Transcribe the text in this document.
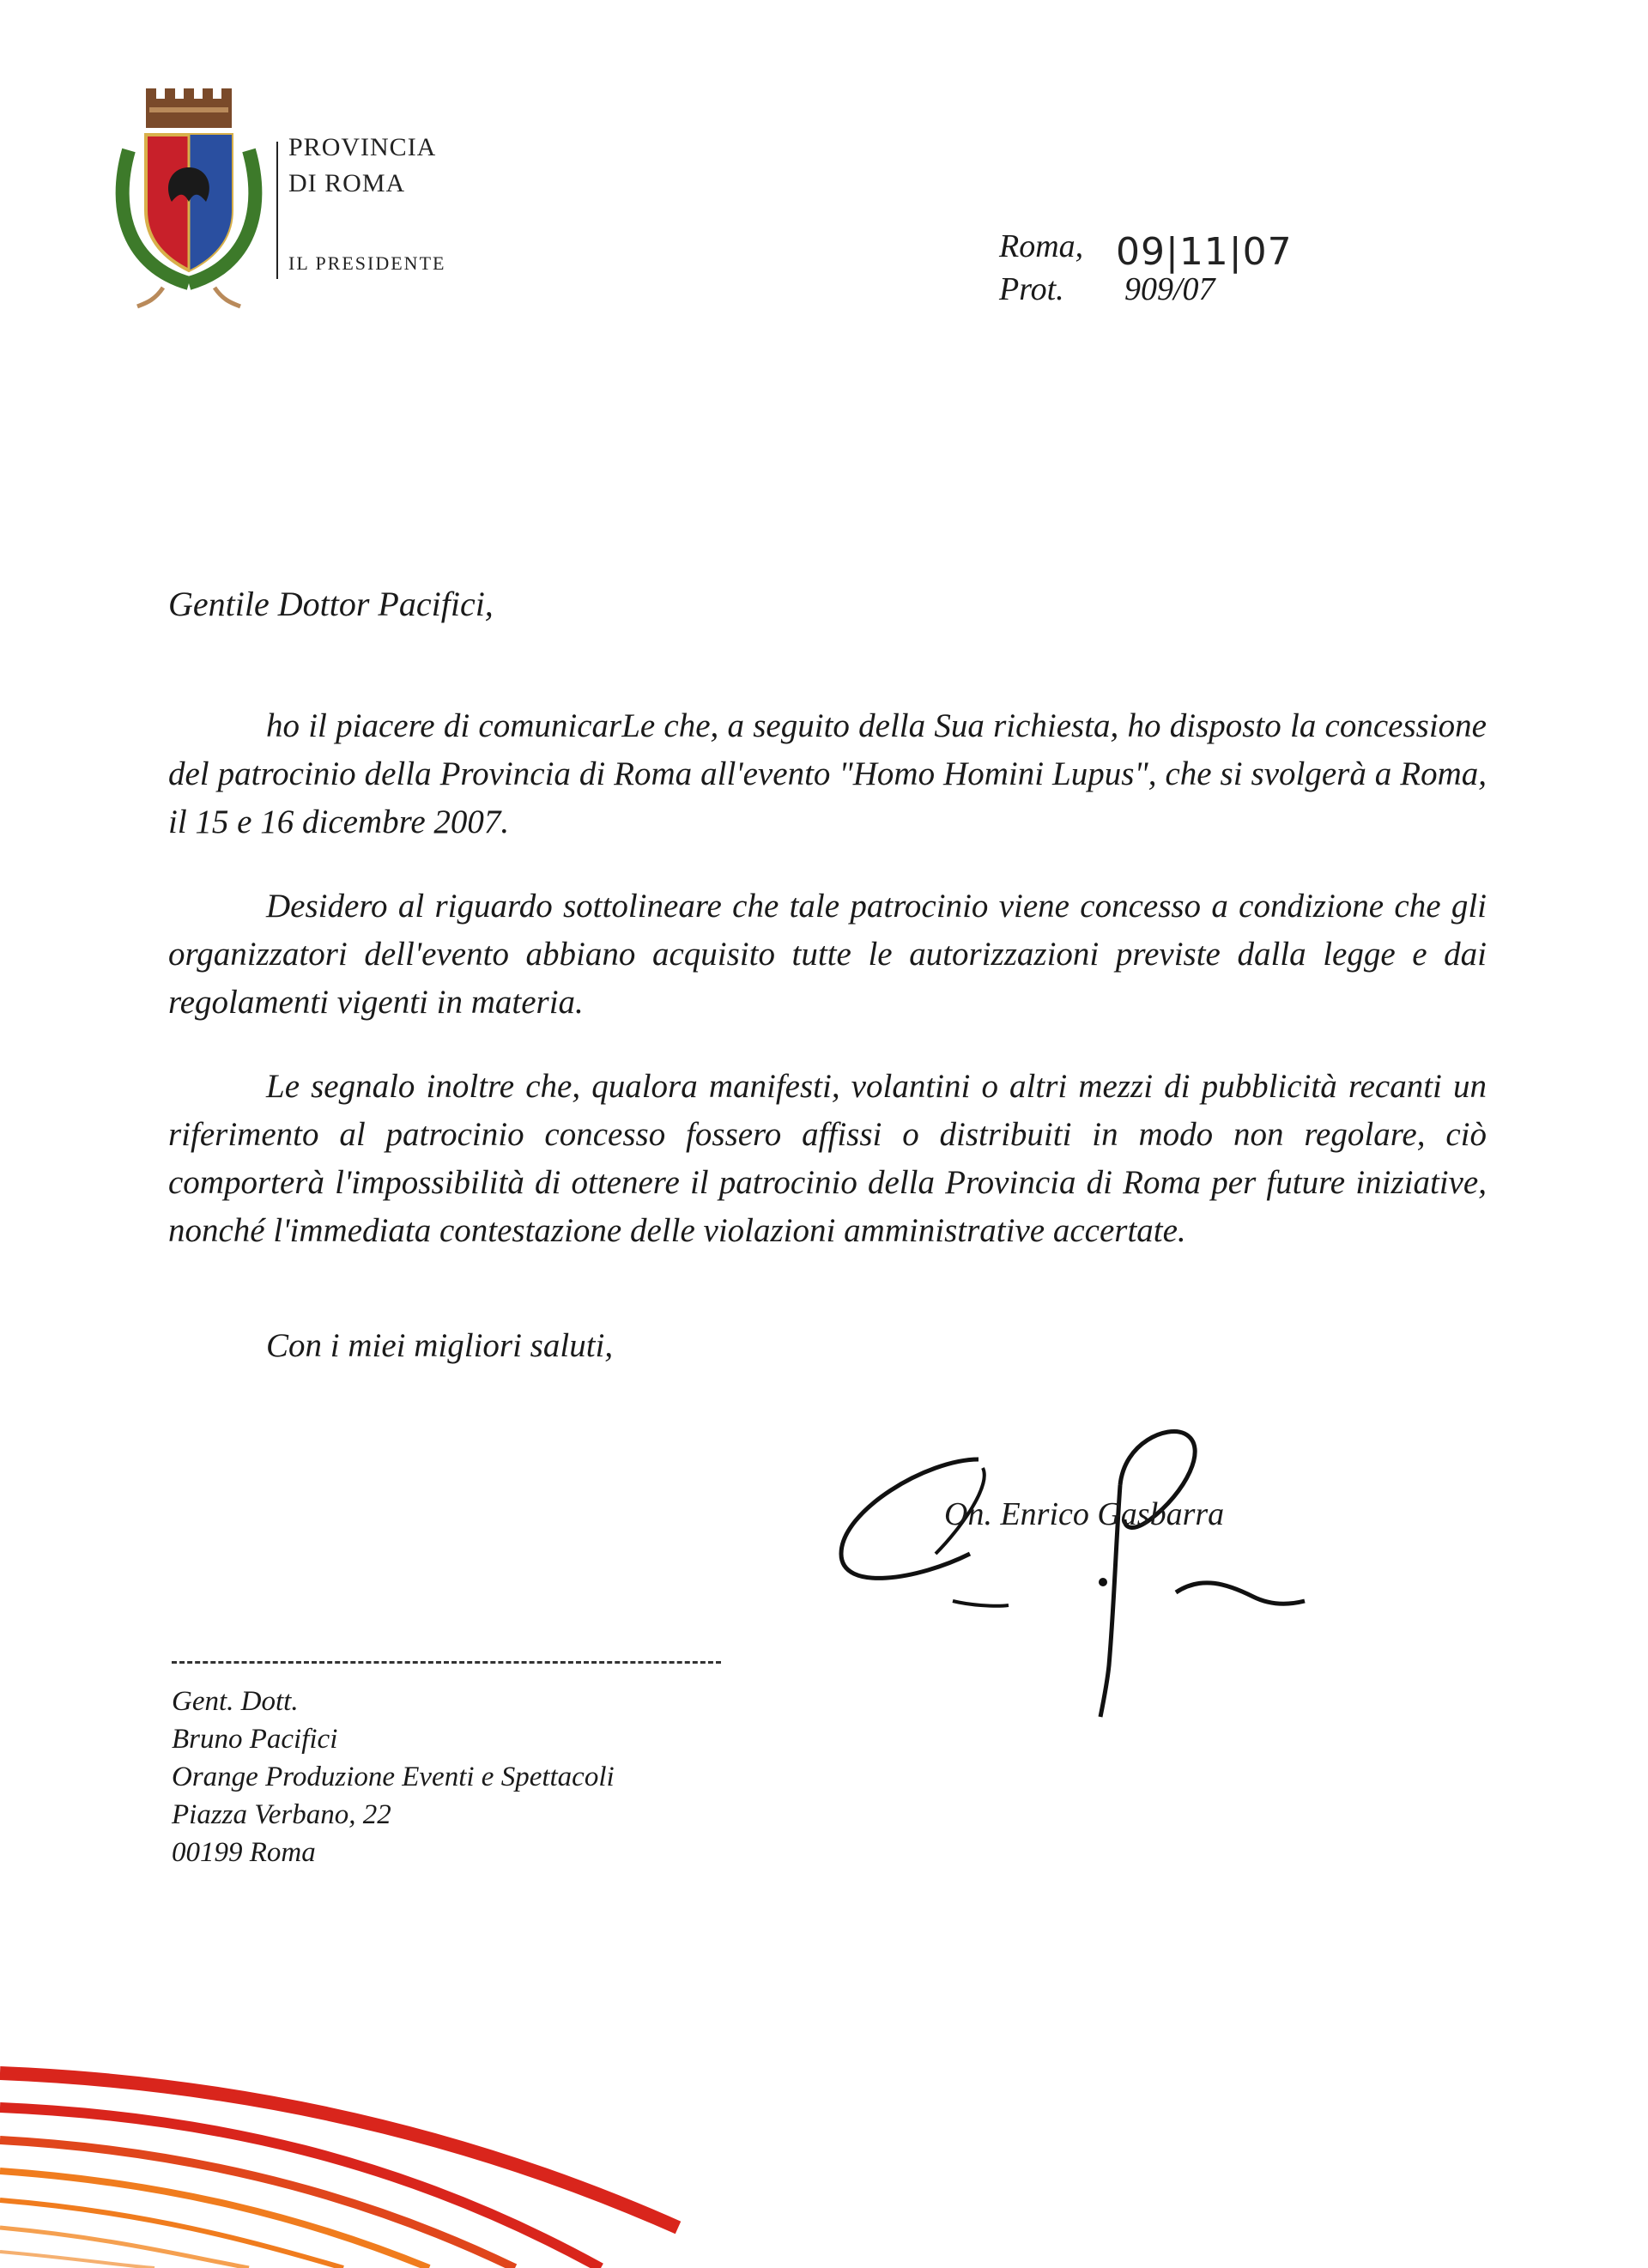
PROVINCIA
DI ROMA
IL PRESIDENTE	Roma, 09|11|07
Prot. 909/07
Gentile Dottor Pacifici,

ho il piacere di comunicarLe che, a seguito della Sua richiesta, ho disposto la concessione del patrocinio della Provincia di Roma all'evento "Homo Homini Lupus", che si svolgerà a Roma, il 15 e 16 dicembre 2007.

Desidero al riguardo sottolineare che tale patrocinio viene concesso a condizione che gli organizzatori dell'evento abbiano acquisito tutte le autorizzazioni previste dalla legge e dai regolamenti vigenti in materia.

Le segnalo inoltre che, qualora manifesti, volantini o altri mezzi di pubblicità recanti un riferimento al patrocinio concesso fossero affissi o distribuiti in modo non regolare, ciò comporterà l'impossibilità di ottenere il patrocinio della Provincia di Roma per future iniziative, nonché l'immediata contestazione delle violazioni amministrative accertate.

Con i miei migliori saluti,
On. Enrico Gasbarra
Gent. Dott.
Bruno Pacifici
Orange Produzione Eventi e Spettacoli
Piazza Verbano, 22
00199 Roma
